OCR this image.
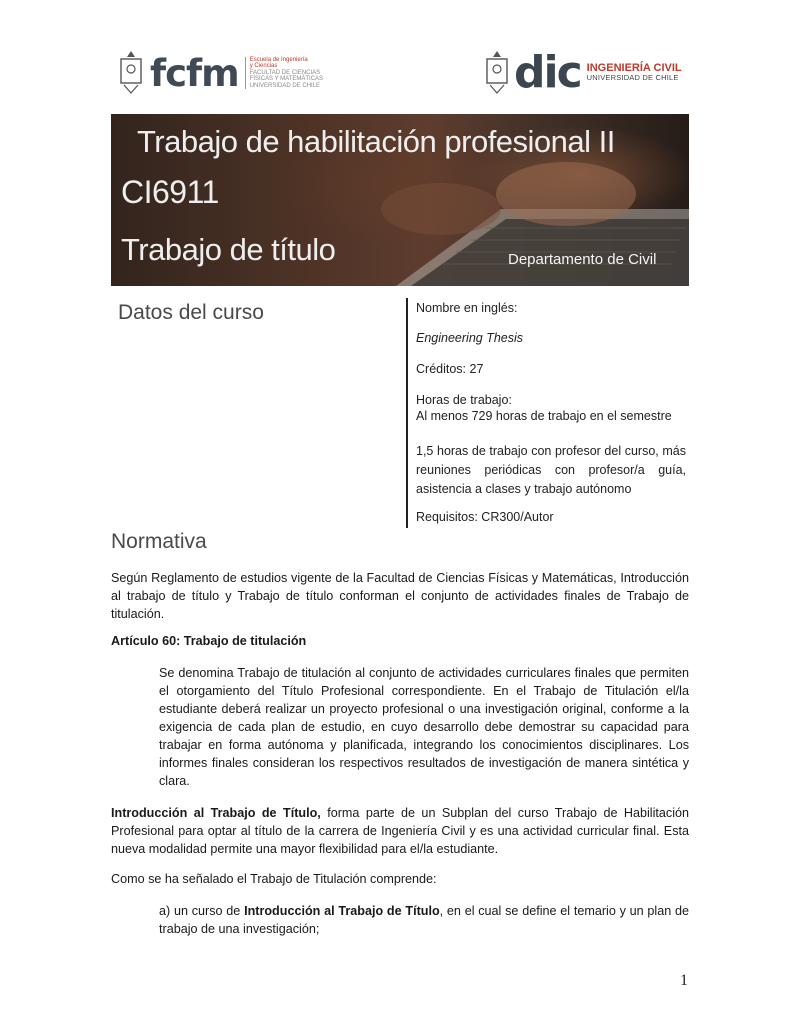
fcfm Escuela de Ingeniería
y Ciencias
FACULTAD DE CIENCIAS
FÍSICAS Y MATEMÁTICAS
UNIVERSIDAD DE CHILE	dic INGENIERÍA CIVIL
UNIVERSIDAD DE CHILE
Trabajo de habilitación profesional II
CI6911
Trabajo de título	Departamento de Civil
Datos del curso	Nombre en inglés:
Engineering Thesis
Créditos: 27
Horas de trabajo:
Al menos 729 horas de trabajo en el semestre
1,5 horas de trabajo con profesor del curso, más reuniones periódicas con profesor/a guía, asistencia a clases y trabajo autónomo
Requisitos: CR300/Autor
Normativa
Según Reglamento de estudios vigente de la Facultad de Ciencias Físicas y Matemáticas, Introducción al trabajo de título y Trabajo de título conforman el conjunto de actividades finales de Trabajo de titulación.
Artículo 60: Trabajo de titulación
Se denomina Trabajo de titulación al conjunto de actividades curriculares finales que permiten el otorgamiento del Título Profesional correspondiente. En el Trabajo de Titulación el/la estudiante deberá realizar un proyecto profesional o una investigación original, conforme a la exigencia de cada plan de estudio, en cuyo desarrollo debe demostrar su capacidad para trabajar en forma autónoma y planificada, integrando los conocimientos disciplinares. Los informes finales consideran los respectivos resultados de investigación de manera sintética y clara.
Introducción al Trabajo de Título, forma parte de un Subplan del curso Trabajo de Habilitación Profesional para optar al título de la carrera de Ingeniería Civil y es una actividad curricular final. Esta nueva modalidad permite una mayor flexibilidad para el/la estudiante.
Como se ha señalado el Trabajo de Titulación comprende:
a) un curso de Introducción al Trabajo de Título, en el cual se define el temario y un plan de trabajo de una investigación;
1
